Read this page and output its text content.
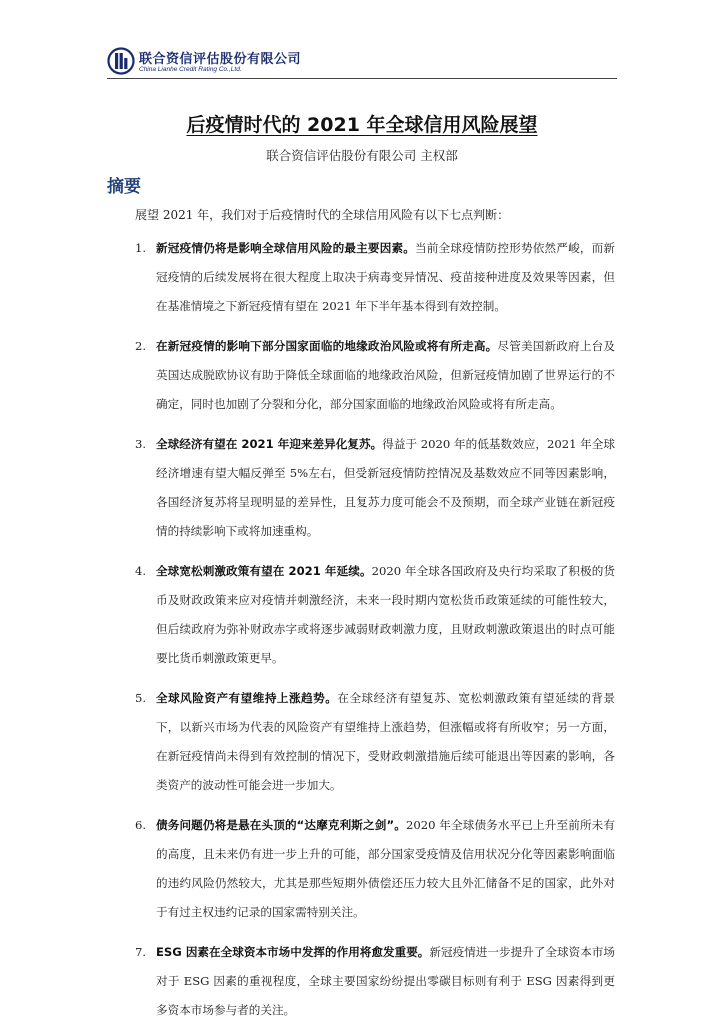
联合资信评估股份有限公司
China Lianhe Credit Rating Co.,Ltd.
后疫情时代的 2021 年全球信用风险展望
联合资信评估股份有限公司 主权部
摘要
展望 2021 年，我们对于后疫情时代的全球信用风险有以下七点判断：
1. 新冠疫情仍将是影响全球信用风险的最主要因素。当前全球疫情防控形势依然严峻，而新冠疫情的后续发展将在很大程度上取决于病毒变异情况、疫苗接种进度及效果等因素，但在基准情境之下新冠疫情有望在 2021 年下半年基本得到有效控制。
2. 在新冠疫情的影响下部分国家面临的地缘政治风险或将有所走高。尽管美国新政府上台及英国达成脱欧协议有助于降低全球面临的地缘政治风险，但新冠疫情加剧了世界运行的不确定，同时也加剧了分裂和分化，部分国家面临的地缘政治风险或将有所走高。
3. 全球经济有望在 2021 年迎来差异化复苏。得益于 2020 年的低基数效应，2021 年全球经济增速有望大幅反弹至 5%左右，但受新冠疫情防控情况及基数效应不同等因素影响，各国经济复苏将呈现明显的差异性，且复苏力度可能会不及预期，而全球产业链在新冠疫情的持续影响下或将加速重构。
4. 全球宽松刺激政策有望在 2021 年延续。2020 年全球各国政府及央行均采取了积极的货币及财政政策来应对疫情并刺激经济，未来一段时期内宽松货币政策延续的可能性较大，但后续政府为弥补财政赤字或将逐步减弱财政刺激力度，且财政刺激政策退出的时点可能要比货币刺激政策更早。
5. 全球风险资产有望维持上涨趋势。在全球经济有望复苏、宽松刺激政策有望延续的背景下，以新兴市场为代表的风险资产有望维持上涨趋势，但涨幅或将有所收窄；另一方面，在新冠疫情尚未得到有效控制的情况下，受财政刺激措施后续可能退出等因素的影响，各类资产的波动性可能会进一步加大。
6. 债务问题仍将是悬在头顶的“达摩克利斯之剑”。2020 年全球债务水平已上升至前所未有的高度，且未来仍有进一步上升的可能，部分国家受疫情及信用状况分化等因素影响面临的违约风险仍然较大，尤其是那些短期外债偿还压力较大且外汇储备不足的国家，此外对于有过主权违约记录的国家需特别关注。
7. ESG 因素在全球资本市场中发挥的作用将愈发重要。新冠疫情进一步提升了全球资本市场对于 ESG 因素的重视程度，全球主要国家纷纷提出零碳目标则有利于 ESG 因素得到更多资本市场参与者的关注。
